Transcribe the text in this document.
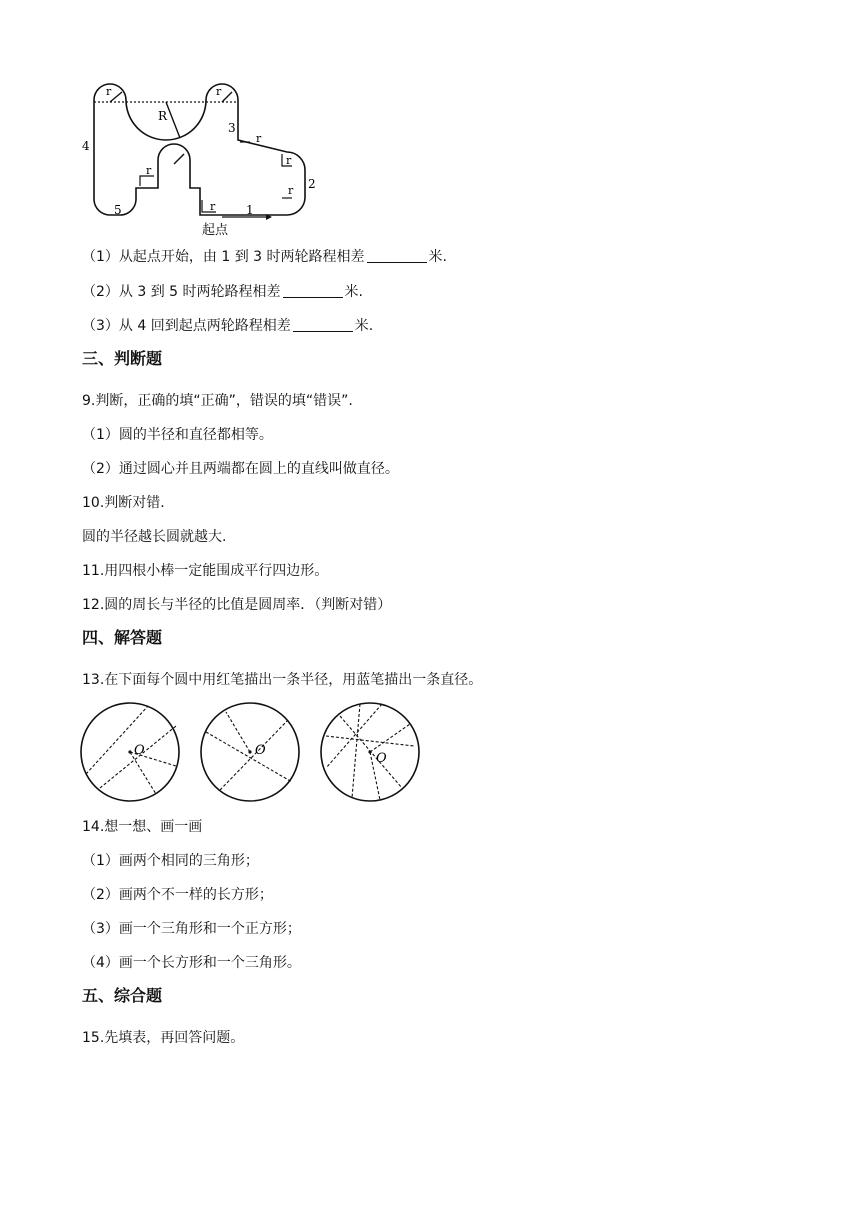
r	r
R
r
r
r
r
r
1
2
3
4
5
起点
（1）从起点开始，由 1 到 3 时两轮路程相差	米.
（2）从 3 到 5 时两轮路程相差	米.
（3）从 4 回到起点两轮路程相差	米.
三、判断题
9.判断，正确的填“正确”，错误的填“错误”.
（1）圆的半径和直径都相等。
（2）通过圆心并且两端都在圆上的直线叫做直径。
10.判断对错.
圆的半径越长圆就越大.
11.用四根小棒一定能围成平行四边形。
12.圆的周长与半径的比值是圆周率．（判断对错）
四、解答题
13.在下面每个圆中用红笔描出一条半径，用蓝笔描出一条直径。
O	O
O
14.想一想、画一画
（1）画两个相同的三角形；
（2）画两个不一样的长方形；
（3）画一个三角形和一个正方形；
（4）画一个长方形和一个三角形。
五、综合题
15.先填表，再回答问题。
